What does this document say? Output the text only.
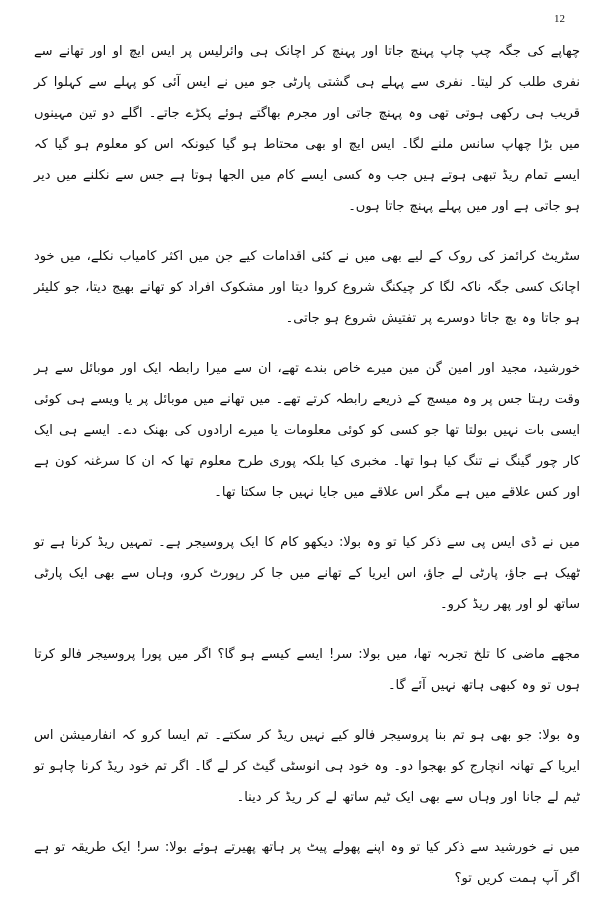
12

چھاپے کی جگہ چپ چاپ پہنچ جاتا اور پہنچ کر اچانک ہی وائرلیس پر ایس ایچ او اور تھانے سے نفری طلب کر لیتا۔ نفری سے پہلے ہی گشتی پارٹی جو میں نے ایس آئی کو پہلے سے کہلوا کر قریب ہی رکھی ہوتی تھی وہ پہنچ جاتی اور مجرم بھاگتے ہوئے پکڑے جاتے۔ اگلے دو تین مہینوں میں بڑا چھاپ سانس ملنے لگا۔ ایس ایچ او بھی محتاط ہو گیا کیونکہ اس کو معلوم ہو گیا کہ ایسے تمام ریڈ تبھی ہوتے ہیں جب وہ کسی ایسے کام میں الجھا ہوتا ہے جس سے نکلنے میں دیر ہو جاتی ہے اور میں پہلے پہنچ جاتا ہوں۔

سٹریٹ کرائمز کی روک کے لیے بھی میں نے کئی اقدامات کیے جن میں اکثر کامیاب نکلے، میں خود اچانک کسی جگہ ناکہ لگا کر چیکنگ شروع کروا دیتا اور مشکوک افراد کو تھانے بھیج دیتا، جو کلیئر ہو جاتا وہ بچ جاتا دوسرے پر تفتیش شروع ہو جاتی۔

خورشید، مجید اور امین گن مین میرے خاص بندے تھے، ان سے میرا رابطہ ایک اور موبائل سے ہر وقت رہتا جس پر وہ میسج کے ذریعے رابطہ کرتے تھے۔ میں تھانے میں موبائل پر یا ویسے ہی کوئی ایسی بات نہیں بولتا تھا جو کسی کو کوئی معلومات یا میرے ارادوں کی بھنک دے۔ ایسے ہی ایک کار چور گینگ نے تنگ کیا ہوا تھا۔ مخبری کیا بلکہ پوری طرح معلوم تھا کہ ان کا سرغنہ کون ہے اور کس علاقے میں ہے مگر اس علاقے میں جایا نہیں جا سکتا تھا۔

میں نے ڈی ایس پی سے ذکر کیا تو وہ بولا: دیکھو کام کا ایک پروسیجر ہے۔ تمہیں ریڈ کرنا ہے تو ٹھیک ہے جاؤ، پارٹی لے جاؤ، اس ایریا کے تھانے میں جا کر رپورٹ کرو، وہاں سے بھی ایک پارٹی ساتھ لو اور پھر ریڈ کرو۔

مجھے ماضی کا تلخ تجربہ تھا، میں بولا: سر! ایسے کیسے ہو گا؟ اگر میں پورا پروسیجر فالو کرتا ہوں تو وہ کبھی ہاتھ نہیں آئے گا۔

وہ بولا: جو بھی ہو تم بنا پروسیجر فالو کیے نہیں ریڈ کر سکتے۔ تم ایسا کرو کہ انفارمیشن اس ایریا کے تھانہ انچارج کو بھجوا دو۔ وہ خود ہی انوسٹی گیٹ کر لے گا۔ اگر تم خود ریڈ کرنا چاہو تو ٹیم لے جانا اور وہاں سے بھی ایک ٹیم ساتھ لے کر ریڈ کر دینا۔

میں نے خورشید سے ذکر کیا تو وہ اپنے پھولے پیٹ پر ہاتھ پھیرتے ہوئے بولا: سر! ایک طریقہ تو ہے اگر آپ ہمت کریں تو؟
